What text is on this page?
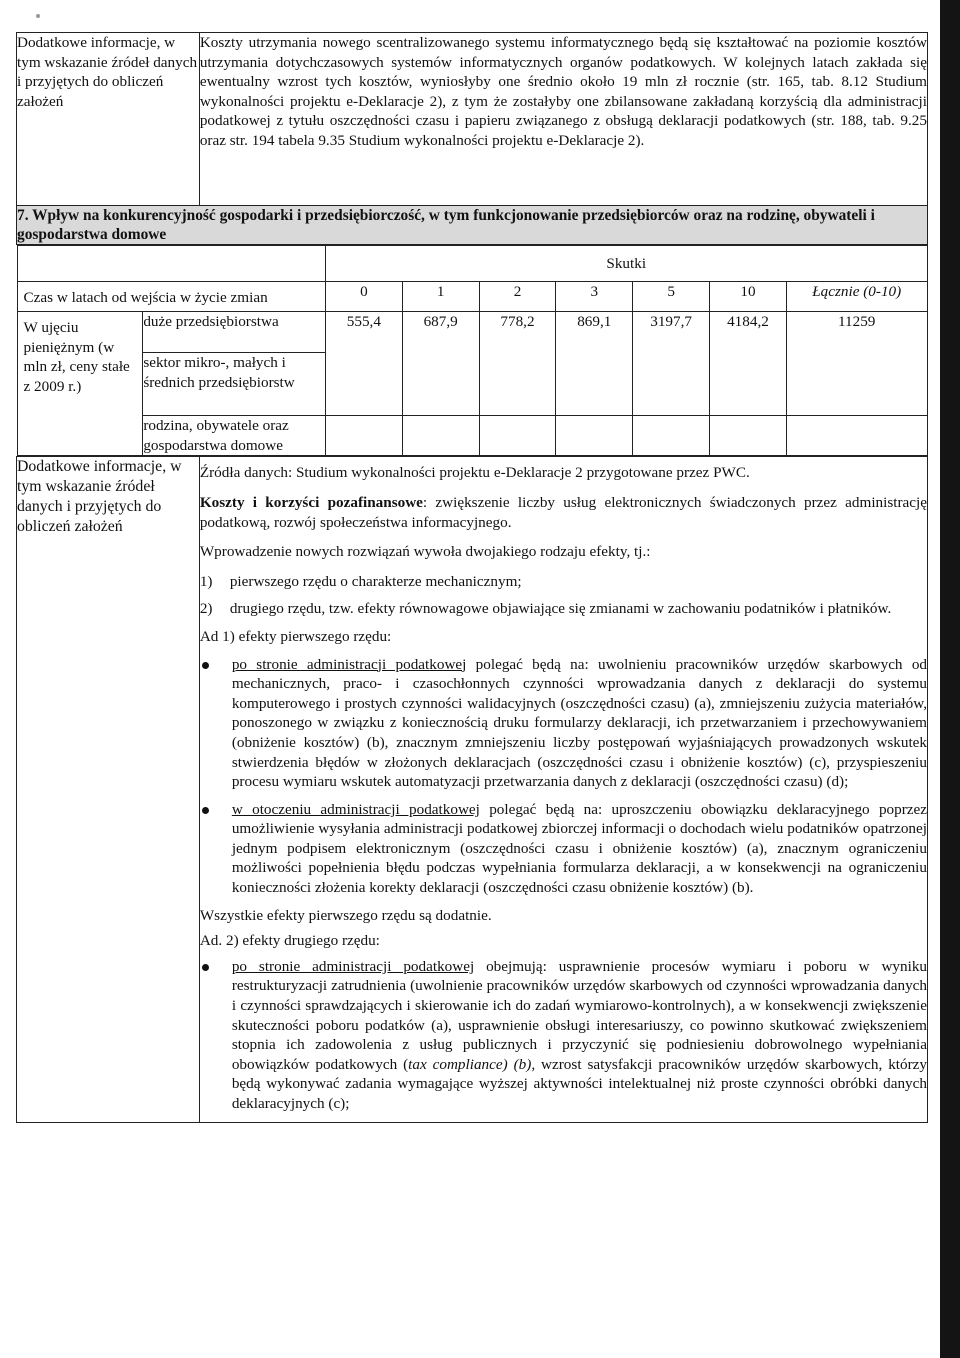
Dodatkowe informacje, w tym wskazanie źródeł danych i przyjętych do obliczeń założeń	Koszty utrzymania nowego scentralizowanego systemu informatycznego będą się kształtować na poziomie kosztów utrzymania dotychczasowych systemów informatycznych organów podatkowych. W kolejnych latach zakłada się ewentualny wzrost tych kosztów, wyniosłyby one średnio około 19 mln zł rocznie (str. 165, tab. 8.12 Studium wykonalności projektu e-Deklaracje 2), z tym że zostałyby one zbilansowane zakładaną korzyścią dla administracji podatkowej z tytułu oszczędności czasu i papieru związanego z obsługą deklaracji podatkowych (str. 188, tab. 9.25 oraz str. 194 tabela 9.35 Studium wykonalności projektu e-Deklaracje 2).
7. Wpływ na konkurencyjność gospodarki i przedsiębiorczość, w tym funkcjonowanie przedsiębiorców oraz na rodzinę, obywateli i gospodarstwa domowe

	Skutki
Czas w latach od wejścia w życie zmian	0	1	2	3	5	10	Łącznie (0-10)
W ujęciu pieniężnym (w mln zł, ceny stałe z 2009 r.)	duże przedsiębiorstwa	555,4	687,9	778,2	869,1	3197,7	4184,2	11259
sektor mikro-, małych i średnich przedsiębiorstw
rodzina, obywatele oraz gospodarstwa domowe							

Dodatkowe informacje, w tym wskazanie źródeł danych i przyjętych do obliczeń założeń	

Źródła danych: Studium wykonalności projektu e-Deklaracje 2 przygotowane przez PWC.

Koszty i korzyści pozafinansowe: zwiększenie liczby usług elektronicznych świadczonych przez administrację podatkową, rozwój społeczeństwa informacyjnego.

Wprowadzenie nowych rozwiązań wywoła dwojakiego rodzaju efekty, tj.:

1) pierwszego rzędu o charakterze mechanicznym;
2) drugiego rzędu, tzw. efekty równowagowe objawiające się zmianami w zachowaniu podatników i płatników.

Ad 1) efekty pierwszego rzędu:

po stronie administracji podatkowej polegać będą na: uwolnieniu pracowników urzędów skarbowych od mechanicznych, praco- i czasochłonnych czynności wprowadzania danych z deklaracji do systemu komputerowego i prostych czynności walidacyjnych (oszczędności czasu) (a), zmniejszeniu zużycia materiałów, ponoszonego w związku z koniecznością druku formularzy deklaracji, ich przetwarzaniem i przechowywaniem (obniżenie kosztów) (b), znacznym zmniejszeniu liczby postępowań wyjaśniających prowadzonych wskutek stwierdzenia błędów w złożonych deklaracjach (oszczędności czasu i obniżenie kosztów) (c), przyspieszeniu procesu wymiaru wskutek automatyzacji przetwarzania danych z deklaracji (oszczędności czasu) (d);
w otoczeniu administracji podatkowej polegać będą na: uproszczeniu obowiązku deklaracyjnego poprzez umożliwienie wysyłania administracji podatkowej zbiorczej informacji o dochodach wielu podatników opatrzonej jednym podpisem elektronicznym (oszczędności czasu i obniżenie kosztów) (a), znacznym ograniczeniu możliwości popełnienia błędu podczas wypełniania formularza deklaracji, a w konsekwencji na ograniczeniu konieczności złożenia korekty deklaracji (oszczędności czasu obniżenie kosztów) (b).

Wszystkie efekty pierwszego rzędu są dodatnie.

Ad. 2) efekty drugiego rzędu:

po stronie administracji podatkowej obejmują: usprawnienie procesów wymiaru i poboru w wyniku restrukturyzacji zatrudnienia (uwolnienie pracowników urzędów skarbowych od czynności wprowadzania danych i czynności sprawdzających i skierowanie ich do zadań wymiarowo-kontrolnych), a w konsekwencji zwiększenie skuteczności poboru podatków (a), usprawnienie obsługi interesariuszy, co powinno skutkować zwiększeniem stopnia ich zadowolenia z usług publicznych i przyczynić się podniesieniu dobrowolnego wypełniania obowiązków podatkowych (tax compliance) (b), wzrost satysfakcji pracowników urzędów skarbowych, którzy będą wykonywać zadania wymagające wyższej aktywności intelektualnej niż proste czynności obróbki danych deklaracyjnych (c);
